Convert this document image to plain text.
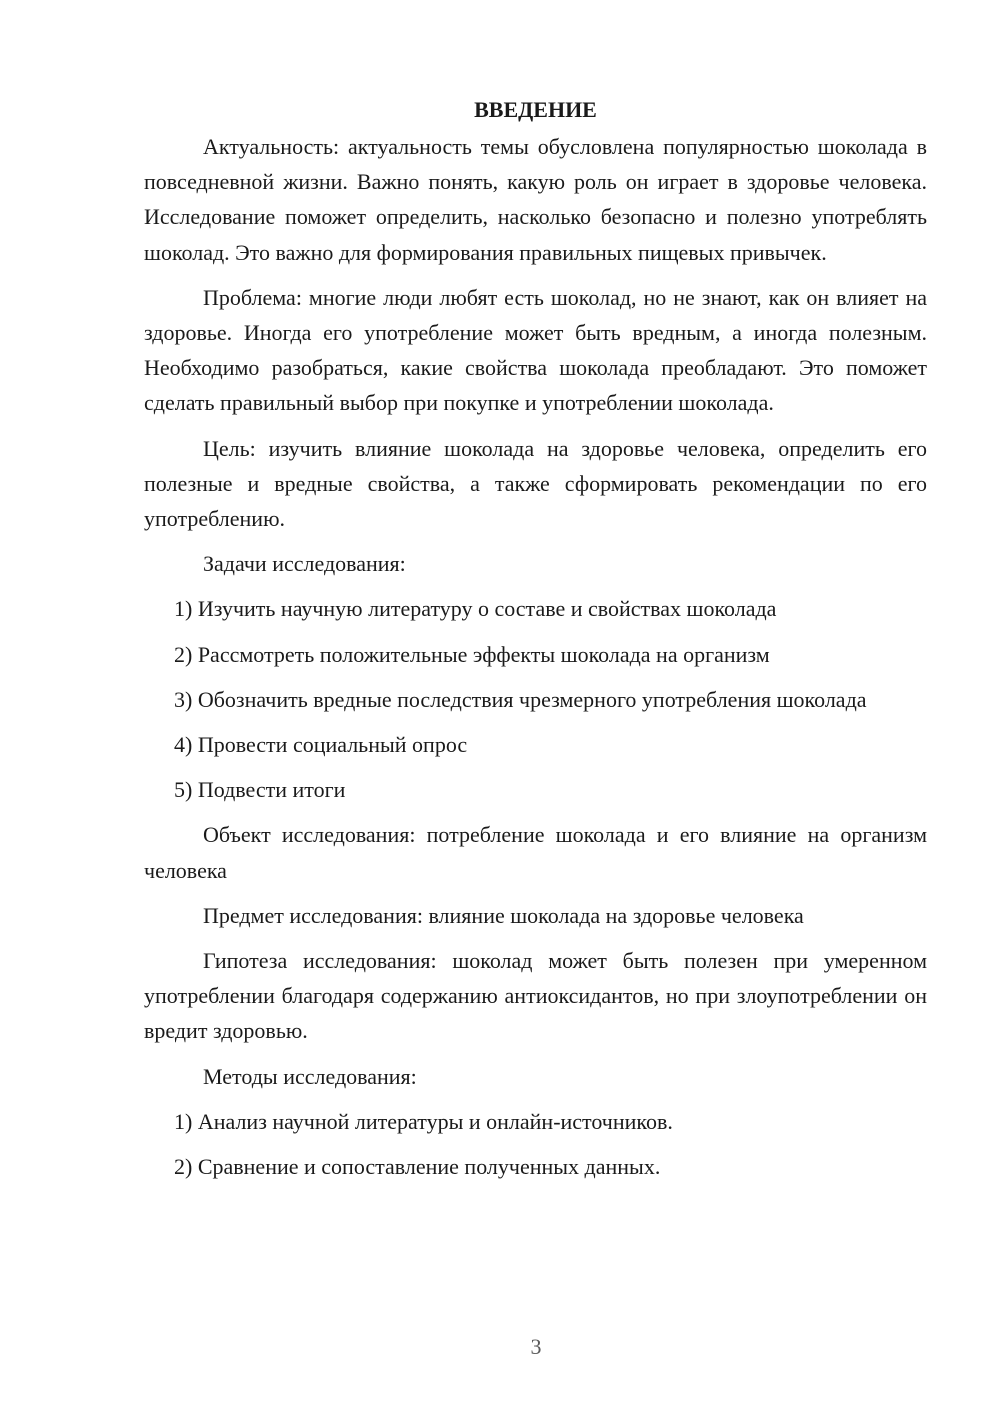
ВВЕДЕНИЕ

Актуальность: актуальность темы обусловлена популярностью шоколада в повседневной жизни. Важно понять, какую роль он играет в здоровье человека. Исследование поможет определить, насколько безопасно и полезно употреблять шоколад. Это важно для формирования правильных пищевых привычек.

Проблема: многие люди любят есть шоколад, но не знают, как он влияет на здоровье. Иногда его употребление может быть вредным, а иногда полезным. Необходимо разобраться, какие свойства шоколада преобладают. Это поможет сделать правильный выбор при покупке и употреблении шоколада.

Цель: изучить влияние шоколада на здоровье человека, определить его полезные и вредные свойства, а также сформировать рекомендации по его употреблению.

Задачи исследования:

1) Изучить научную литературу о составе и свойствах шоколада

2) Рассмотреть положительные эффекты шоколада на организм

3) Обозначить вредные последствия чрезмерного употребления шоколада

4) Провести социальный опрос

5) Подвести итоги

Объект исследования: потребление шоколада и его влияние на организм человека

Предмет исследования: влияние шоколада на здоровье человека

Гипотеза исследования: шоколад может быть полезен при умеренном употреблении благодаря содержанию антиоксидантов, но при злоупотреблении он вредит здоровью.

Методы исследования:

1) Анализ научной литературы и онлайн-источников.

2) Сравнение и сопоставление полученных данных.

3
